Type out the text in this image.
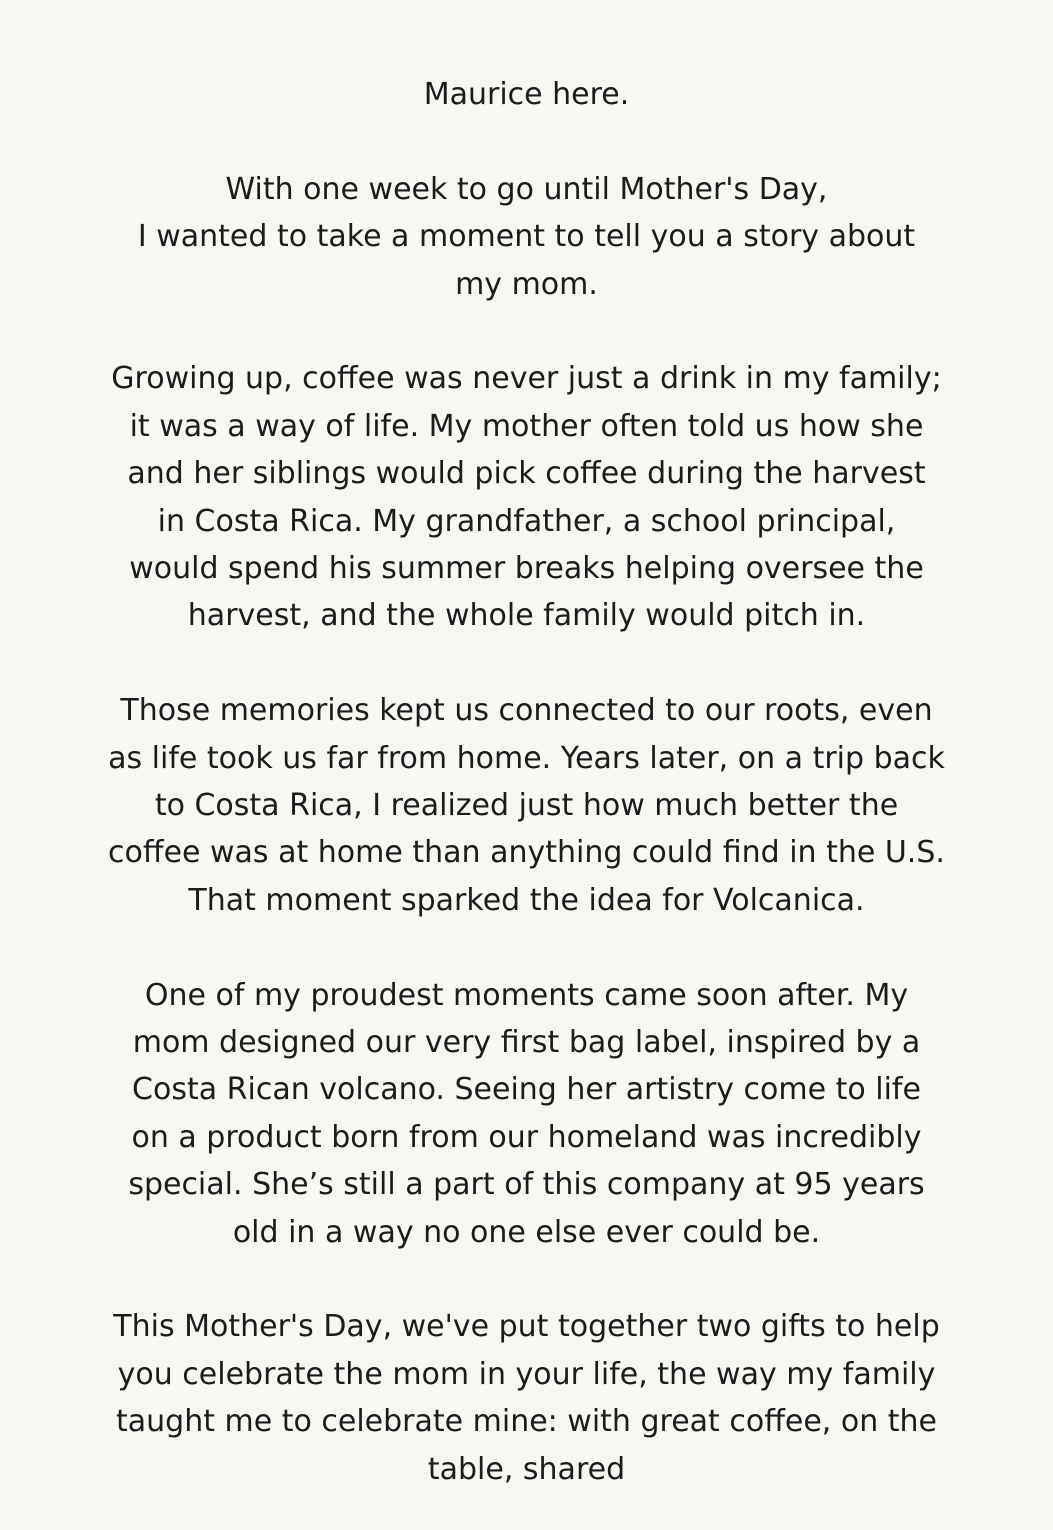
Maurice here.

With one week to go until Mother's Day,
I wanted to take a moment to tell you a story about
my mom.

Growing up, coffee was never just a drink in my family;
it was a way of life. My mother often told us how she
and her siblings would pick coffee during the harvest
in Costa Rica. My grandfather, a school principal,
would spend his summer breaks helping oversee the
harvest, and the whole family would pitch in.

Those memories kept us connected to our roots, even
as life took us far from home. Years later, on a trip back
to Costa Rica, I realized just how much better the
coffee was at home than anything could find in the U.S.
That moment sparked the idea for Volcanica.

One of my proudest moments came soon after. My
mom designed our very first bag label, inspired by a
Costa Rican volcano. Seeing her artistry come to life
on a product born from our homeland was incredibly
special. She’s still a part of this company at 95 years
old in a way no one else ever could be.

This Mother's Day, we've put together two gifts to help
you celebrate the mom in your life, the way my family
taught me to celebrate mine: with great coffee, on the
table, shared
